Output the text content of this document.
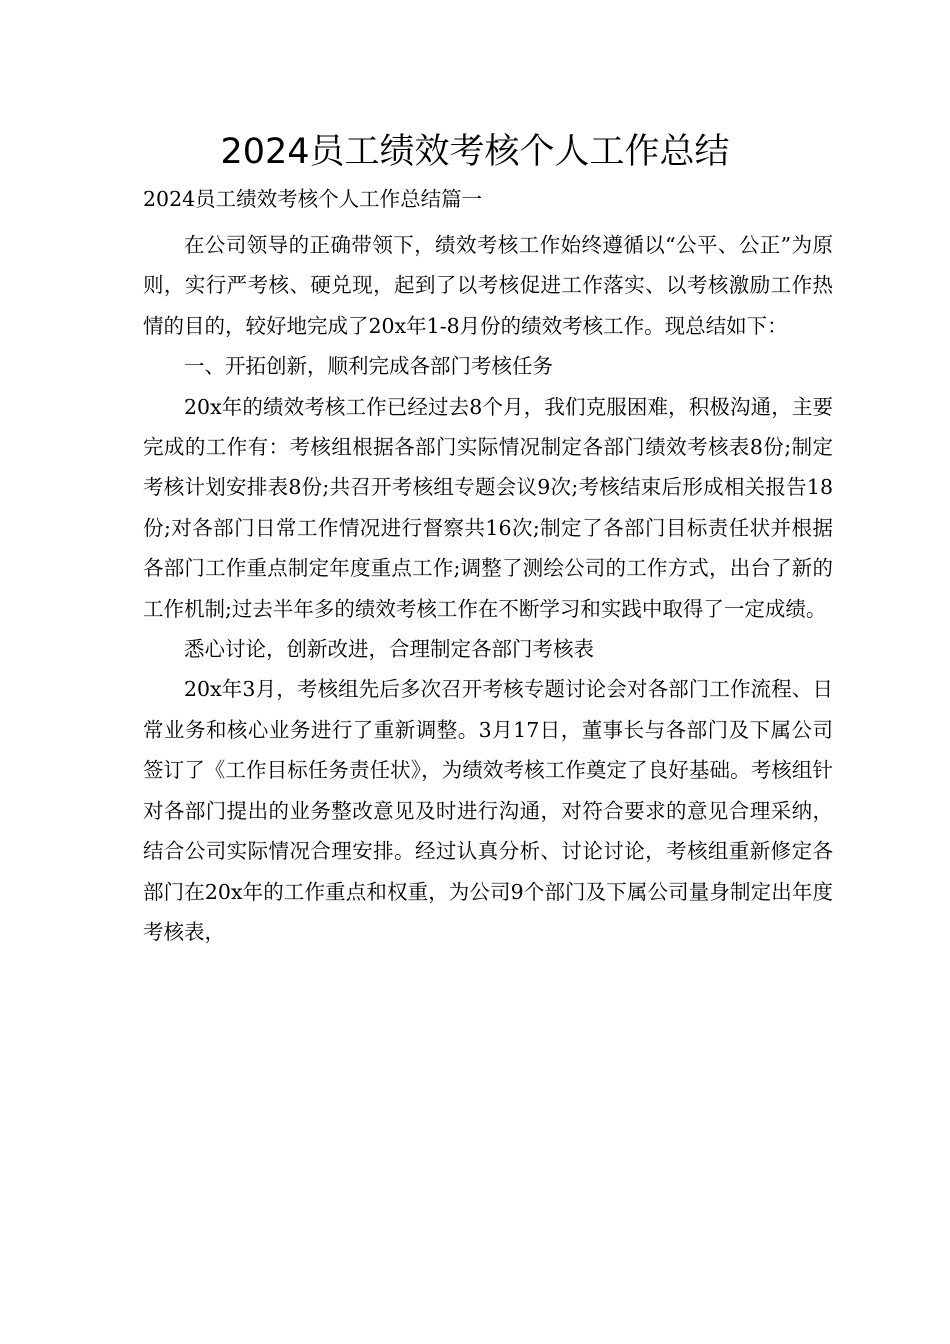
2024员工绩效考核个人工作总结

2024员工绩效考核个人工作总结篇一

在公司领导的正确带领下，绩效考核工作始终遵循以“公平、公正”为原则，实行严考核、硬兑现，起到了以考核促进工作落实、以考核激励工作热情的目的，较好地完成了20x年1-8月份的绩效考核工作。现总结如下：

一、开拓创新，顺利完成各部门考核任务

20x年的绩效考核工作已经过去8个月，我们克服困难，积极沟通，主要完成的工作有：考核组根据各部门实际情况制定各部门绩效考核表8份;制定考核计划安排表8份;共召开考核组专题会议9次;考核结束后形成相关报告18份;对各部门日常工作情况进行督察共16次;制定了各部门目标责任状并根据各部门工作重点制定年度重点工作;调整了测绘公司的工作方式，出台了新的工作机制;过去半年多的绩效考核工作在不断学习和实践中取得了一定成绩。

悉心讨论，创新改进，合理制定各部门考核表

20x年3月，考核组先后多次召开考核专题讨论会对各部门工作流程、日常业务和核心业务进行了重新调整。3月17日，董事长与各部门及下属公司签订了《工作目标任务责任状》，为绩效考核工作奠定了良好基础。考核组针对各部门提出的业务整改意见及时进行沟通，对符合要求的意见合理采纳，结合公司实际情况合理安排。经过认真分析、讨论讨论，考核组重新修定各部门在20x年的工作重点和权重，为公司9个部门及下属公司量身制定出年度考核表，
